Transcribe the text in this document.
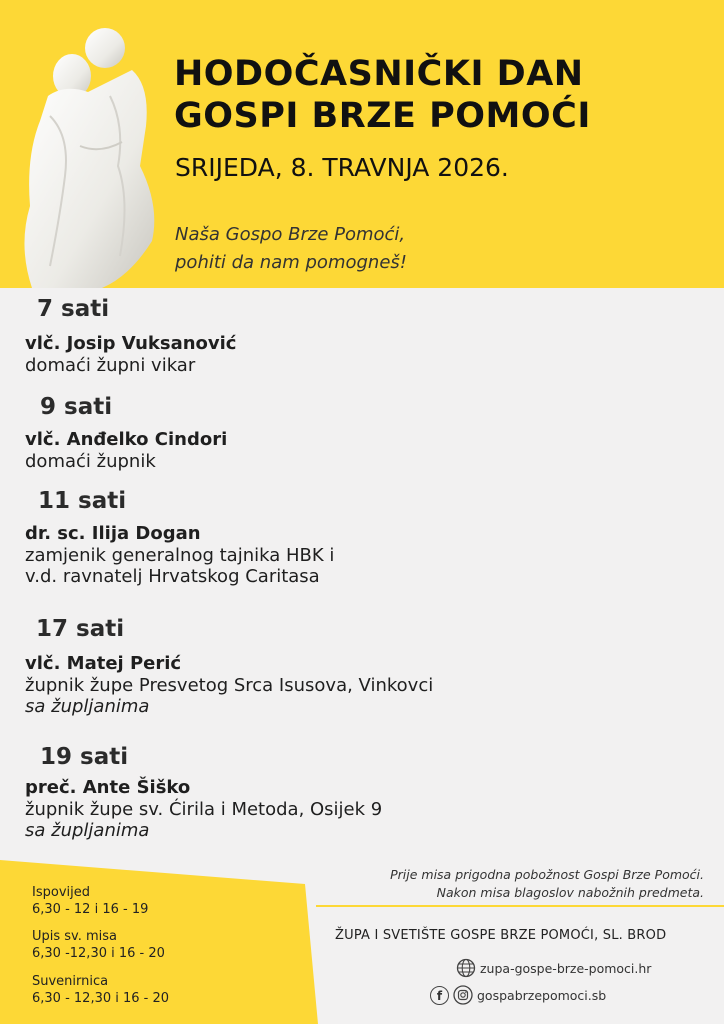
HODOČASNIČKI DAN
GOSPI BRZE POMOĆI
SRIJEDA, 8. TRAVNJA 2026.
Naša Gospo Brze Pomoći,
pohiti da nam pomogneš!
7 sati
vlč. Josip Vuksanović
domaći župni vikar
9 sati
vlč. Anđelko Cindori
domaći župnik
11 sati
dr. sc. Ilija Dogan
zamjenik generalnog tajnika HBK i
v.d. ravnatelj Hrvatskog Caritasa
17 sati
vlč. Matej Perić
župnik župe Presvetog Srca Isusova, Vinkovci
sa župljanima
19 sati
preč. Ante Šiško
župnik župe sv. Ćirila i Metoda, Osijek 9
sa župljanima
Ispovijed
6,30 - 12 i 16 - 19
Upis sv. misa
6,30 -12,30 i 16 - 20
Suvenirnica
6,30 - 12,30 i 16 - 20
Prije misa prigodna pobožnost Gospi Brze Pomoći.
Nakon misa blagoslov nabožnih predmeta.
ŽUPA I SVETIŠTE GOSPE BRZE POMOĆI, SL. BROD
zupa-gospe-brze-pomoci.hr
f	gospabrzepomoci.sb
